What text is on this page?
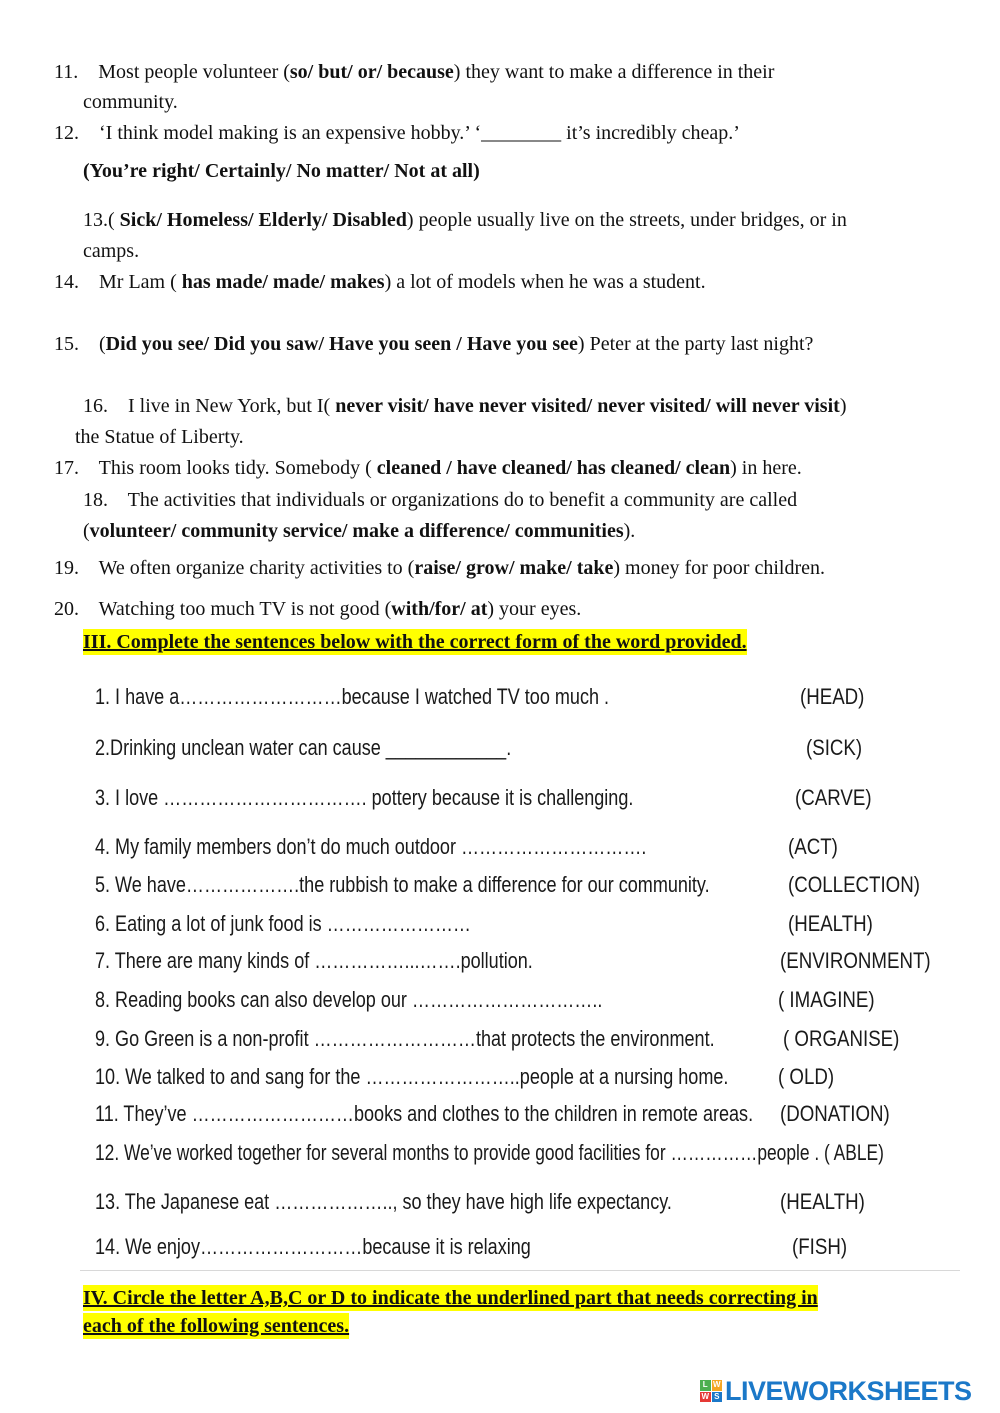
11. Most people volunteer (so/ but/ or/ because) they want to make a difference in their
community.
12. ‘I think model making is an expensive hobby.’ ‘________ it’s incredibly cheap.’
(You’re right/ Certainly/ No matter/ Not at all)
13.( Sick/ Homeless/ Elderly/ Disabled) people usually live on the streets, under bridges, or in
camps.
14. Mr Lam ( has made/ made/ makes) a lot of models when he was a student.
15. (Did you see/ Did you saw/ Have you seen / Have you see) Peter at the party last night?
16. I live in New York, but I( never visit/ have never visited/ never visited/ will never visit)
the Statue of Liberty.
17. This room looks tidy. Somebody ( cleaned / have cleaned/ has cleaned/ clean) in here.
18. The activities that individuals or organizations do to benefit a community are called
(volunteer/ community service/ make a difference/ communities).
19. We often organize charity activities to (raise/ grow/ make/ take) money for poor children.
20. Watching too much TV is not good (with/for/ at) your eyes.
III. Complete the sentences below with the correct form of the word provided.
1. I have a………………………because I watched TV too much .	(HEAD)
2.Drinking unclean water can cause ____________.	(SICK)
3. I love ……………………………. pottery because it is challenging.	(CARVE)
4. My family members don’t do much outdoor ………………………….	(ACT)
5. We have……………….the rubbish to make a difference for our community.	(COLLECTION)
6. Eating a lot of junk food is ……………………	(HEALTH)
7. There are many kinds of ……………...…….pollution.	(ENVIRONMENT)
8. Reading books can also develop our …………………………..	( IMAGINE)
9. Go Green is a non-profit ………………………that protects the environment.	( ORGANISE)
10. We talked to and sang for the ……………………..people at a nursing home. ( OLD)
11. They’ve ………………………books and clothes to the children in remote areas. (DONATION)
12. We’ve worked together for several months to provide good facilities for ……………people . ( ABLE)
13. The Japanese eat ……………….., so they have high life expectancy.	(HEALTH)
14. We enjoy………………………because it is relaxing	(FISH)
IV. Circle the letter A,B,C or D to indicate the underlined part that needs correcting in
each of the following sentences.
L W
W S LIVEWORKSHEETS
